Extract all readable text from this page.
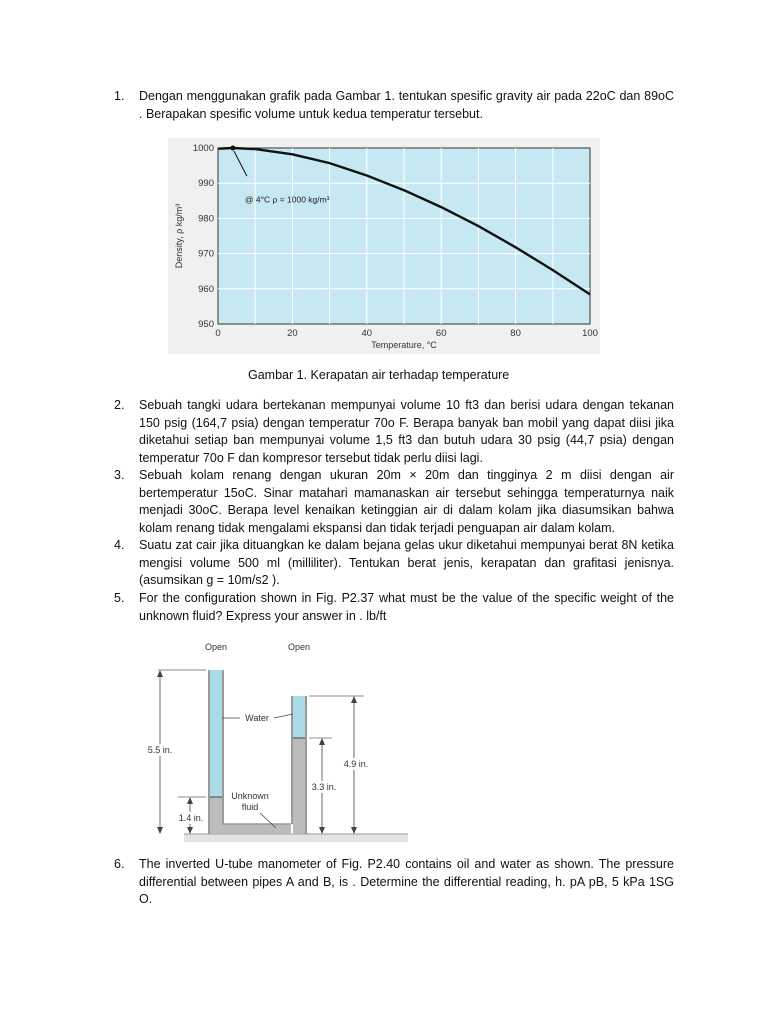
1.	Dengan menggunakan grafik pada Gambar 1. tentukan spesific gravity air pada 22oC dan 89oC . Berapakan spesific volume untuk kedua temperatur tersebut.
950
960
970
980
990
1000
0	20	40	60	80	100
@ 4°C ρ = 1000 kg/m³
Temperature, °C
Density, ρ kg/m³
Gambar 1. Kerapatan air terhadap temperature
2.	Sebuah tangki udara bertekanan mempunyai volume 10 ft3 dan berisi udara dengan tekanan 150 psig (164,7 psia) dengan temperatur 70o F. Berapa banyak ban mobil yang dapat diisi jika diketahui setiap ban mempunyai volume 1,5 ft3 dan butuh udara 30 psig (44,7 psia) dengan temperatur 70o F dan kompresor tersebut tidak perlu diisi lagi.
3.	Sebuah kolam renang dengan ukuran 20m × 20m dan tingginya 2 m diisi dengan air bertemperatur 15oC. Sinar matahari mamanaskan air tersebut sehingga temperaturnya naik menjadi 30oC. Berapa level kenaikan ketinggian air di dalam kolam jika diasumsikan bahwa kolam renang tidak mengalami ekspansi dan tidak terjadi penguapan air dalam kolam.
4.	Suatu zat cair jika dituangkan ke dalam bejana gelas ukur diketahui mempunyai berat 8N ketika mengisi volume 500 ml (milliliter). Tentukan berat jenis, kerapatan dan grafitasi jenisnya. (asumsikan g = 10m/s2 ).
5.	For the configuration shown in Fig. P2.37 what must be the value of the specific weight of the unknown fluid? Express your answer in . lb/ft
Open	Open
5.5 in.
1.4 in.
3.3 in.
4.9 in.
Water
Unknown
fluid
6.	The inverted U-tube manometer of Fig. P2.40 contains oil and water as shown. The pressure differential between pipes A and B, is . Determine the differential reading, h. pA pB, 5 kPa 1SG O.
